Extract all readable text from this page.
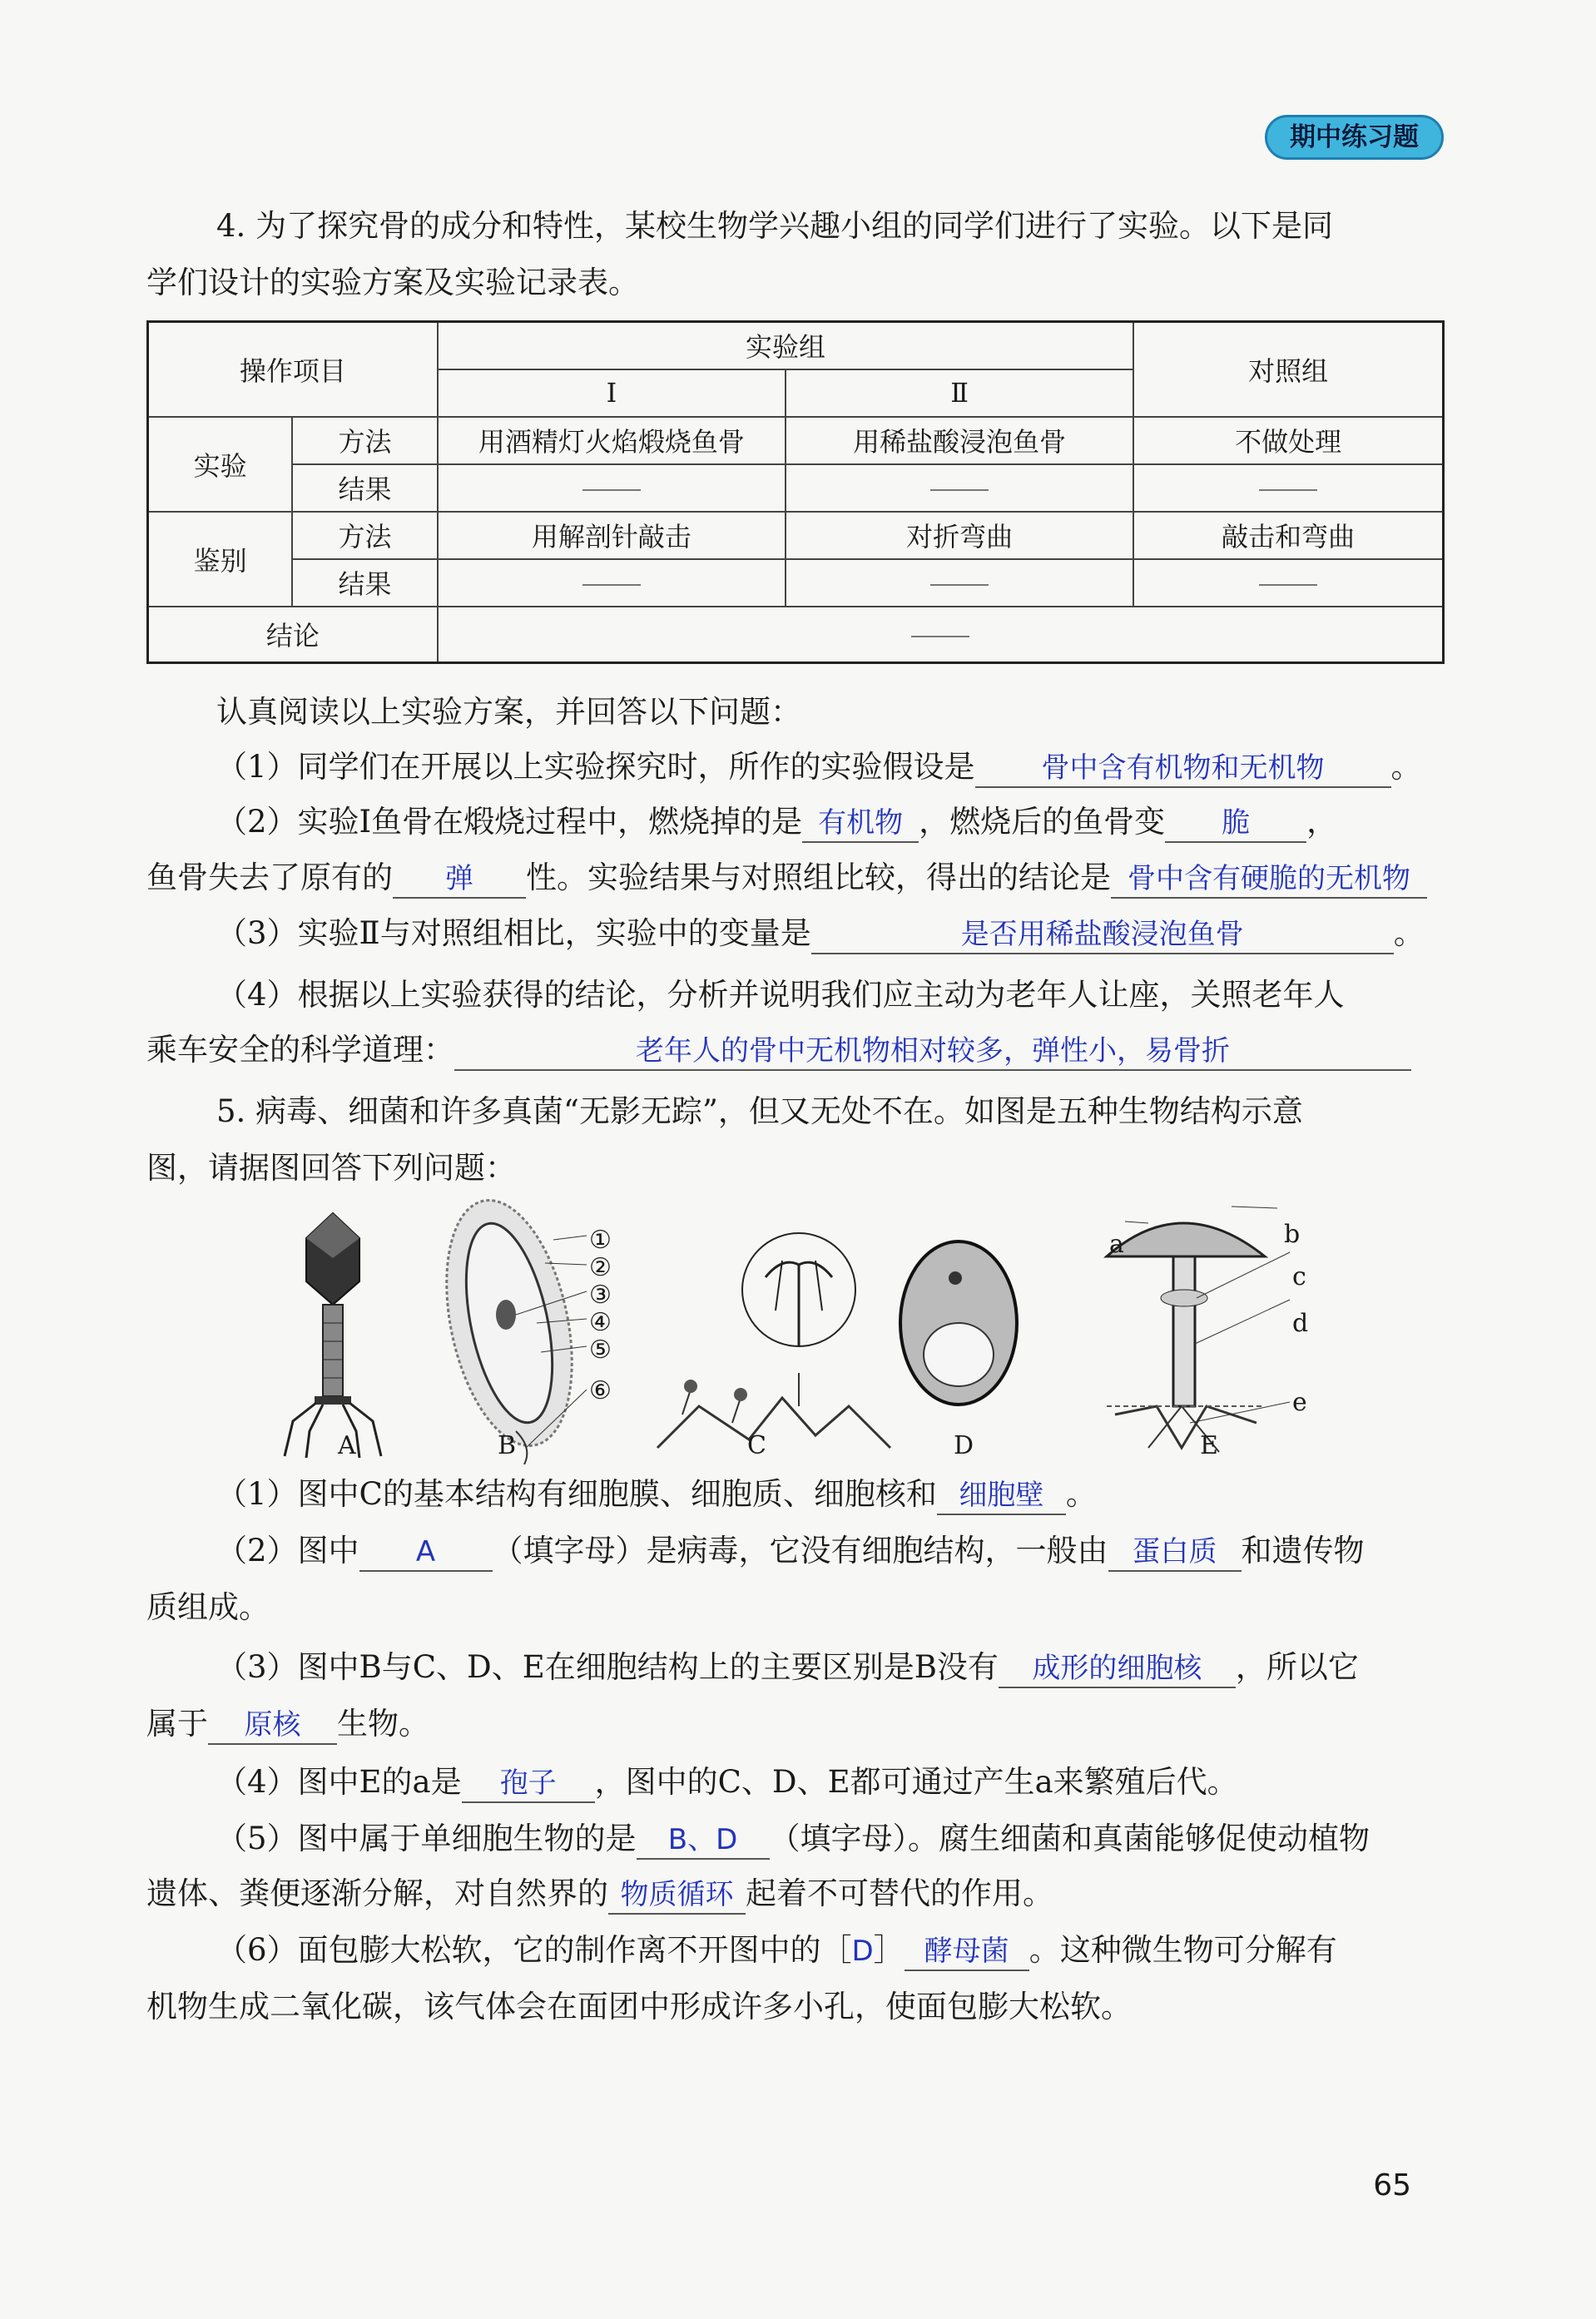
期中练习题
4. 为了探究骨的成分和特性，某校生物学兴趣小组的同学们进行了实验。以下是同
学们设计的实验方案及实验记录表。
操作项目		实验组		对照组
		Ⅰ	Ⅱ	
实验	方法	用酒精灯火焰煅烧鱼骨	用稀盐酸浸泡鱼骨	不做处理
	结果			
鉴别	方法	用解剖针敲击	对折弯曲	敲击和弯曲
	结果			
结论				
认真阅读以上实验方案，并回答以下问题：
（1）同学们在开展以上实验探究时，所作的实验假设是 骨中含有机物和无机物 。
（2）实验Ⅰ鱼骨在煅烧过程中，燃烧掉的是 有机物 ，燃烧后的鱼骨变 脆 ，
鱼骨失去了原有的 弹 性。实验结果与对照组比较，得出的结论是 骨中含有硬脆的无机物
（3）实验Ⅱ与对照组相比，实验中的变量是	是否用稀盐酸浸泡鱼骨	。
（4）根据以上实验获得的结论，分析并说明我们应主动为老年人让座，关照老年人
乘车安全的科学道理：	老年人的骨中无机物相对较多，弹性小，易骨折
5. 病毒、细菌和许多真菌“无影无踪”，但又无处不在。如图是五种生物结构示意
图，请据图回答下列问题：
①
②
③
④
⑤
⑥
a	b
c
d
e
A	B	C	D	E
（1）图中C的基本结构有细胞膜、细胞质、细胞核和 细胞壁 。
（2）图中 A （填字母）是病毒，它没有细胞结构，一般由 蛋白质 和遗传物
质组成。
（3）图中B与C、D、E在细胞结构上的主要区别是B没有 成形的细胞核 ，所以它
属于 原核 生物。
（4）图中E的a是 孢子 ，图中的C、D、E都可通过产生a来繁殖后代。
（5）图中属于单细胞生物的是 B、D （填字母）。腐生细菌和真菌能够促使动植物
遗体、粪便逐渐分解，对自然界的 物质循环 起着不可替代的作用。
（6）面包膨大松软，它的制作离不开图中的［D］ 酵母菌 。这种微生物可分解有
机物生成二氧化碳，该气体会在面团中形成许多小孔，使面包膨大松软。
65
